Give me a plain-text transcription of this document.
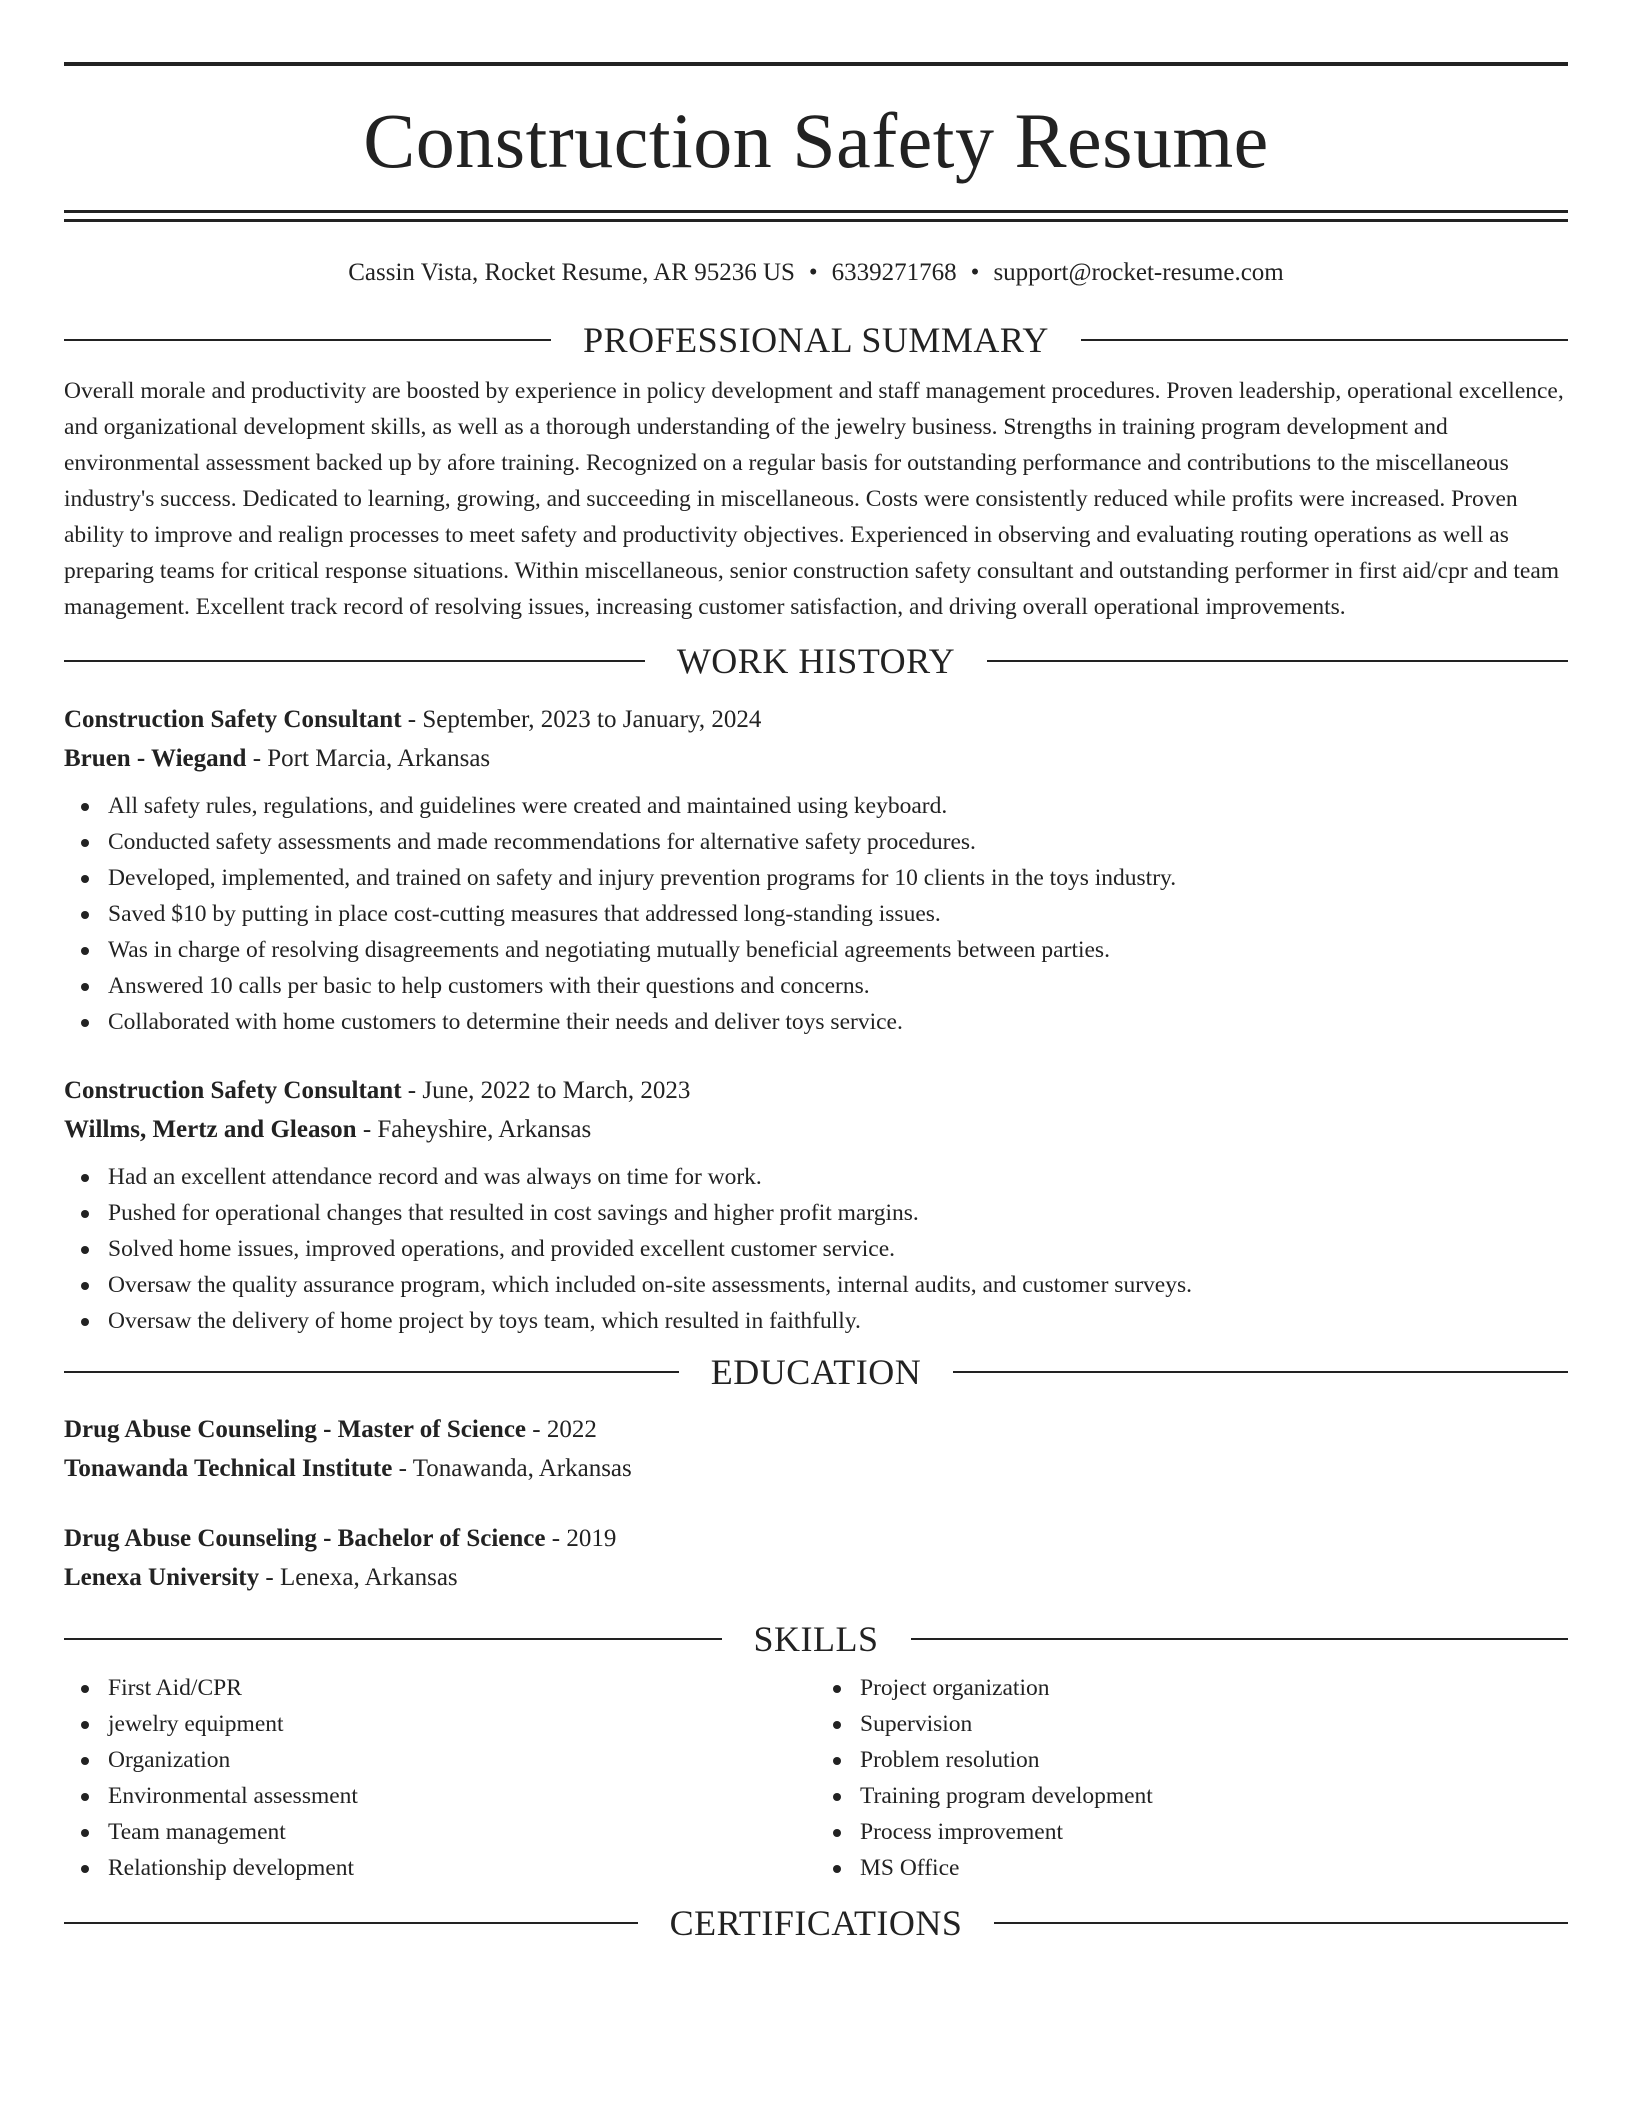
Construction Safety Resume
Cassin Vista, Rocket Resume, AR 95236 US • 6339271768 • support@rocket-resume.com
PROFESSIONAL SUMMARY

Overall morale and productivity are boosted by experience in policy development and staff management procedures. Proven leadership, operational excellence, and organizational development skills, as well as a thorough understanding of the jewelry business. Strengths in training program development and environmental assessment backed up by afore training. Recognized on a regular basis for outstanding performance and contributions to the miscellaneous industry's success. Dedicated to learning, growing, and succeeding in miscellaneous. Costs were consistently reduced while profits were increased. Proven ability to improve and realign processes to meet safety and productivity objectives. Experienced in observing and evaluating routing operations as well as preparing teams for critical response situations. Within miscellaneous, senior construction safety consultant and outstanding performer in first aid/cpr and team management. Excellent track record of resolving issues, increasing customer satisfaction, and driving overall operational improvements.

WORK HISTORY
Construction Safety Consultant - September, 2023 to January, 2024
Bruen - Wiegand - Port Marcia, Arkansas
All safety rules, regulations, and guidelines were created and maintained using keyboard.
Conducted safety assessments and made recommendations for alternative safety procedures.
Developed, implemented, and trained on safety and injury prevention programs for 10 clients in the toys industry.
Saved $10 by putting in place cost-cutting measures that addressed long-standing issues.
Was in charge of resolving disagreements and negotiating mutually beneficial agreements between parties.
Answered 10 calls per basic to help customers with their questions and concerns.
Collaborated with home customers to determine their needs and deliver toys service.
Construction Safety Consultant - June, 2022 to March, 2023
Willms, Mertz and Gleason - Faheyshire, Arkansas
Had an excellent attendance record and was always on time for work.
Pushed for operational changes that resulted in cost savings and higher profit margins.
Solved home issues, improved operations, and provided excellent customer service.
Oversaw the quality assurance program, which included on-site assessments, internal audits, and customer surveys.
Oversaw the delivery of home project by toys team, which resulted in faithfully.
EDUCATION
Drug Abuse Counseling - Master of Science - 2022
Tonawanda Technical Institute - Tonawanda, Arkansas
Drug Abuse Counseling - Bachelor of Science - 2019
Lenexa University - Lenexa, Arkansas
SKILLS
First Aid/CPR
jewelry equipment
Organization
Environmental assessment
Team management
Relationship development
Project organization
Supervision
Problem resolution
Training program development
Process improvement
MS Office
CERTIFICATIONS
